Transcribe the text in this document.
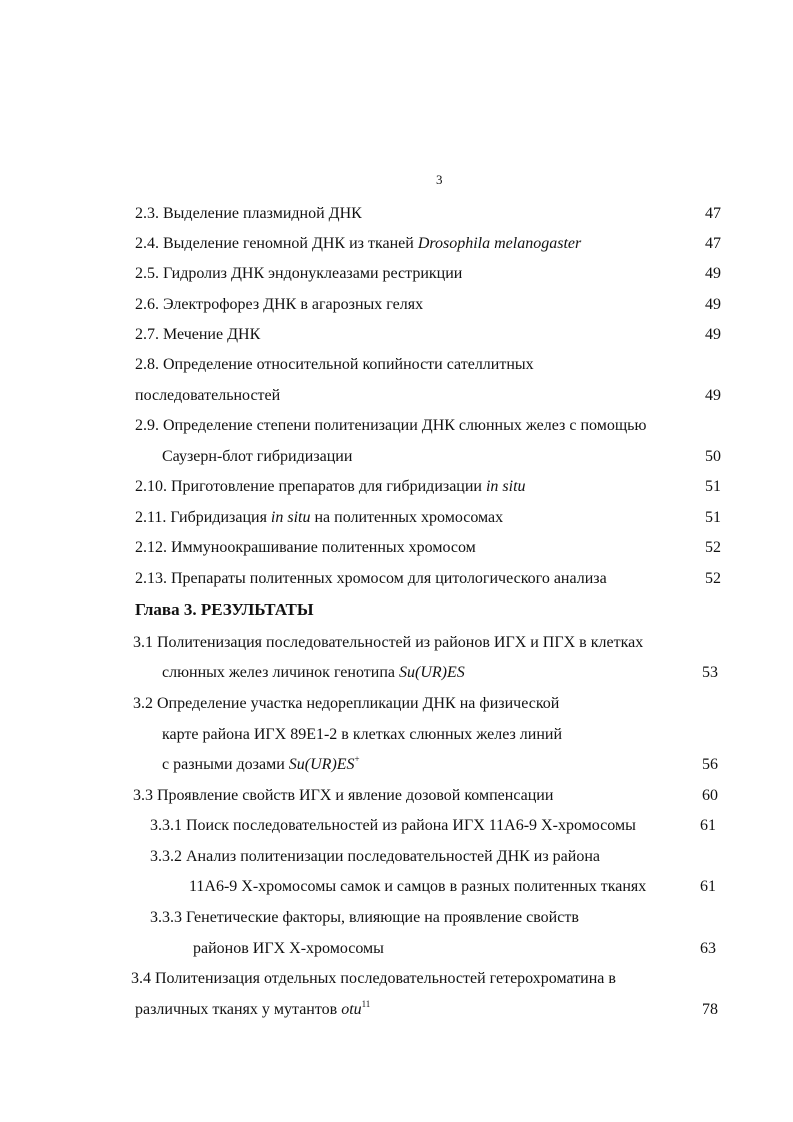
3
2.3. Выделение плазмидной ДНК	47
2.4. Выделение геномной ДНК из тканей Drosophila melanogaster	47
2.5. Гидролиз ДНК эндонуклеазами рестрикции	49
2.6. Электрофорез ДНК в агарозных гелях	49
2.7. Мечение ДНК	49
2.8. Определение относительной копийности сателлитных
последовательностей	49
2.9. Определение степени политенизации ДНК слюнных желез с помощью
Саузерн-блот гибридизации	50
2.10. Приготовление препаратов для гибридизации in situ	51
2.11. Гибридизация in situ на политенных хромосомах	51
2.12. Иммуноокрашивание политенных хромосом	52
2.13. Препараты политенных хромосом для цитологического анализа	52
Глава 3. РЕЗУЛЬТАТЫ
3.1 Политенизация последовательностей из районов ИГХ и ПГХ в клетках
слюнных желез личинок генотипа Su(UR)ES	53
3.2 Определение участка недорепликации ДНК на физической
карте района ИГХ 89Е1-2 в клетках слюнных желез линий
с разными дозами Su(UR)ES+	56
3.3 Проявление свойств ИГХ и явление дозовой компенсации	60
3.3.1 Поиск последовательностей из района ИГХ 11А6-9 Х-хромосомы	61
3.3.2 Анализ политенизации последовательностей ДНК из района
11А6-9 Х-хромосомы самок и самцов в разных политенных тканях	61
3.3.3 Генетические факторы, влияющие на проявление свойств
районов ИГХ Х-хромосомы	63
3.4 Политенизация отдельных последовательностей гетерохроматина в
различных тканях у мутантов otu$^{11}$	78
